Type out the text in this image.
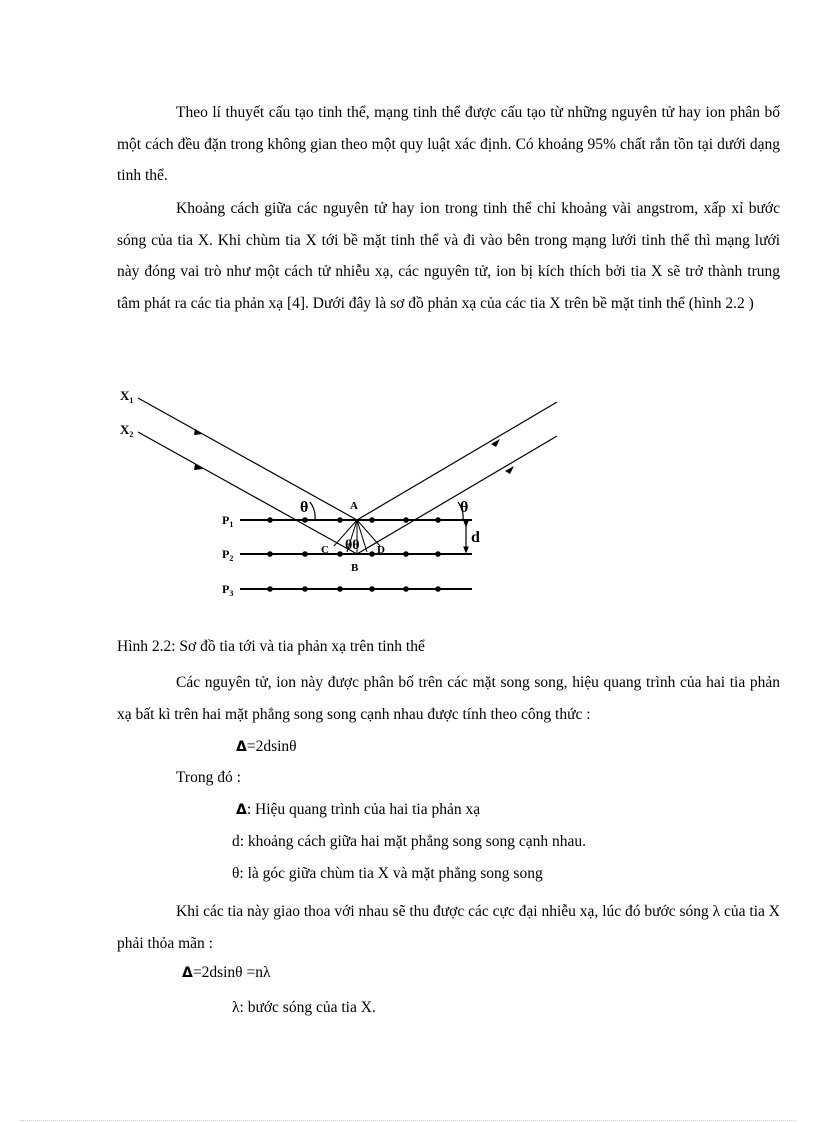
Theo lí thuyết cấu tạo tinh thể, mạng tinh thể được cấu tạo từ những nguyên tử hay ion phân bố một cách đều đặn trong không gian theo một quy luật xác định. Có khoảng 95% chất rắn tồn tại dưới dạng tinh thể.

Khoảng cách giữa các nguyên tử hay ion trong tinh thể chỉ khoảng vài angstrom, xấp xỉ bước sóng của tia X. Khi chùm tia X tới bề mặt tinh thể và đi vào bên trong mạng lưới tinh thể thì mạng lưới này đóng vai trò như một cách tử nhiễu xạ, các nguyên tử, ion bị kích thích bởi tia X sẽ trở thành trung tâm phát ra các tia phản xạ [4]. Dưới đây là sơ đồ phản xạ của các tia X trên bề mặt tinh thể (hình 2.2 )

$X_1$
$X_2$
$P_1$
$P_2$
$P_3$
A
B
C	D
θ	θ
θθ	d
Hình 2.2: Sơ đồ tia tới và tia phản xạ trên tinh thể

Các nguyên tử, ion này được phân bố trên các mặt song song, hiệu quang trình của hai tia phản xạ bất kì trên hai mặt phẳng song song cạnh nhau được tính theo công thức :

Δ=2dsinθ
Trong đó :
Δ: Hiệu quang trình của hai tia phản xạ
d: khoảng cách giữa hai mặt phẳng song song cạnh nhau.
θ: là góc giữa chùm tia X và mặt phẳng song song

Khi các tia này giao thoa với nhau sẽ thu được các cực đại nhiễu xạ, lúc đó bước sóng λ của tia X phải thỏa mãn :

Δ=2dsinθ =nλ
λ: bước sóng của tia X.
